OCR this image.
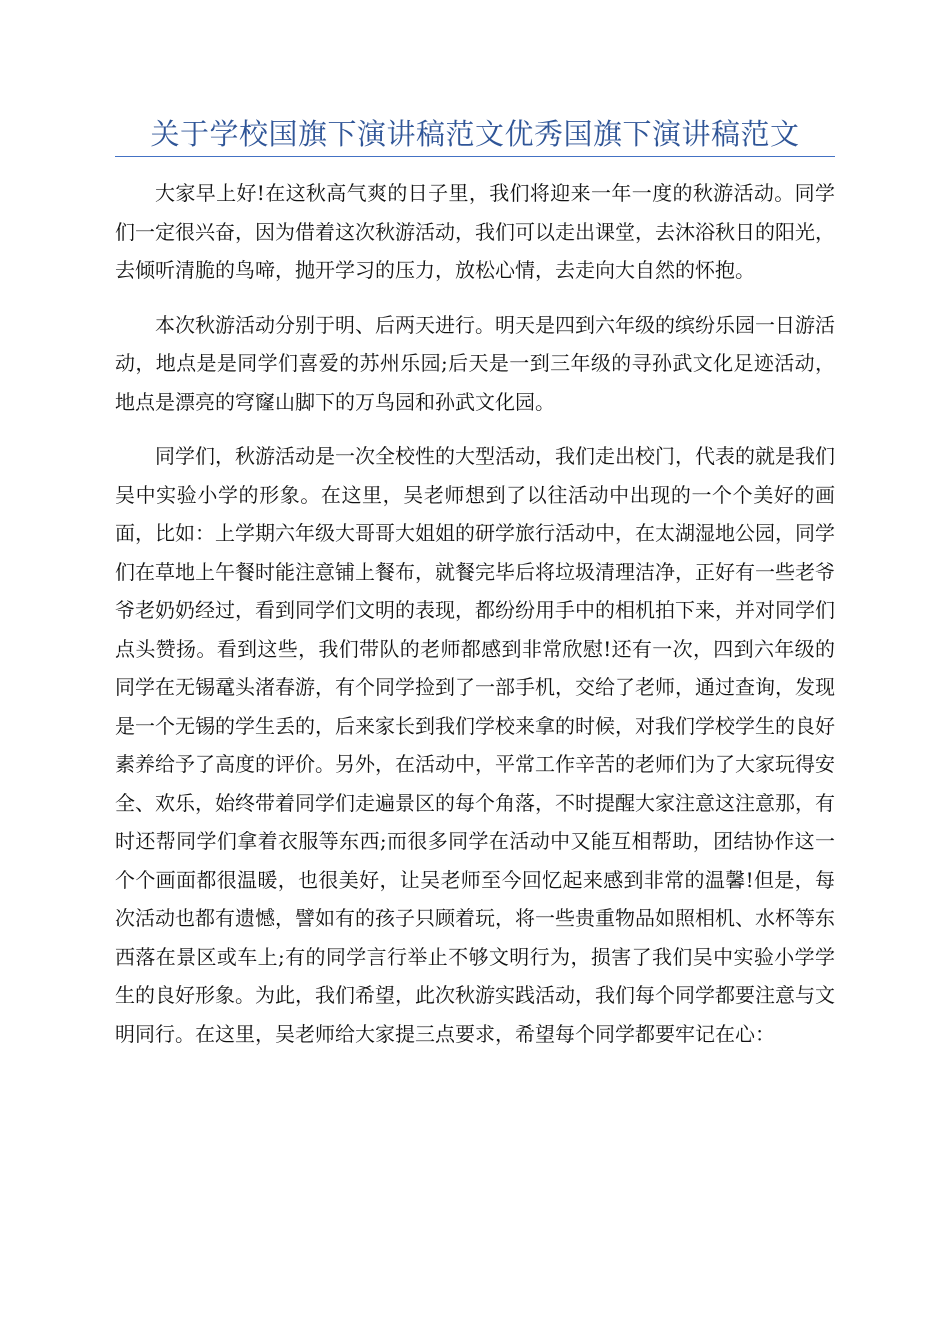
关于学校国旗下演讲稿范文优秀国旗下演讲稿范文

大家早上好!在这秋高气爽的日子里，我们将迎来一年一度的秋游活动。同学们一定很兴奋，因为借着这次秋游活动，我们可以走出课堂，去沐浴秋日的阳光，去倾听清脆的鸟啼，抛开学习的压力，放松心情，去走向大自然的怀抱。

本次秋游活动分别于明、后两天进行。明天是四到六年级的缤纷乐园一日游活动，地点是是同学们喜爱的苏州乐园;后天是一到三年级的寻孙武文化足迹活动，地点是漂亮的穹窿山脚下的万鸟园和孙武文化园。

同学们，秋游活动是一次全校性的大型活动，我们走出校门，代表的就是我们吴中实验小学的形象。在这里，吴老师想到了以往活动中出现的一个个美好的画面，比如：上学期六年级大哥哥大姐姐的研学旅行活动中，在太湖湿地公园，同学们在草地上午餐时能注意铺上餐布，就餐完毕后将垃圾清理洁净，正好有一些老爷爷老奶奶经过，看到同学们文明的表现，都纷纷用手中的相机拍下来，并对同学们点头赞扬。看到这些，我们带队的老师都感到非常欣慰!还有一次，四到六年级的同学在无锡鼋头渚春游，有个同学捡到了一部手机，交给了老师，通过查询，发现是一个无锡的学生丢的，后来家长到我们学校来拿的时候，对我们学校学生的良好素养给予了高度的评价。另外，在活动中，平常工作辛苦的老师们为了大家玩得安全、欢乐，始终带着同学们走遍景区的每个角落，不时提醒大家注意这注意那，有时还帮同学们拿着衣服等东西;而很多同学在活动中又能互相帮助，团结协作这一个个画面都很温暖，也很美好，让吴老师至今回忆起来感到非常的温馨!但是，每次活动也都有遗憾，譬如有的孩子只顾着玩，将一些贵重物品如照相机、水杯等东西落在景区或车上;有的同学言行举止不够文明行为，损害了我们吴中实验小学学生的良好形象。为此，我们希望，此次秋游实践活动，我们每个同学都要注意与文明同行。在这里，吴老师给大家提三点要求，希望每个同学都要牢记在心：
